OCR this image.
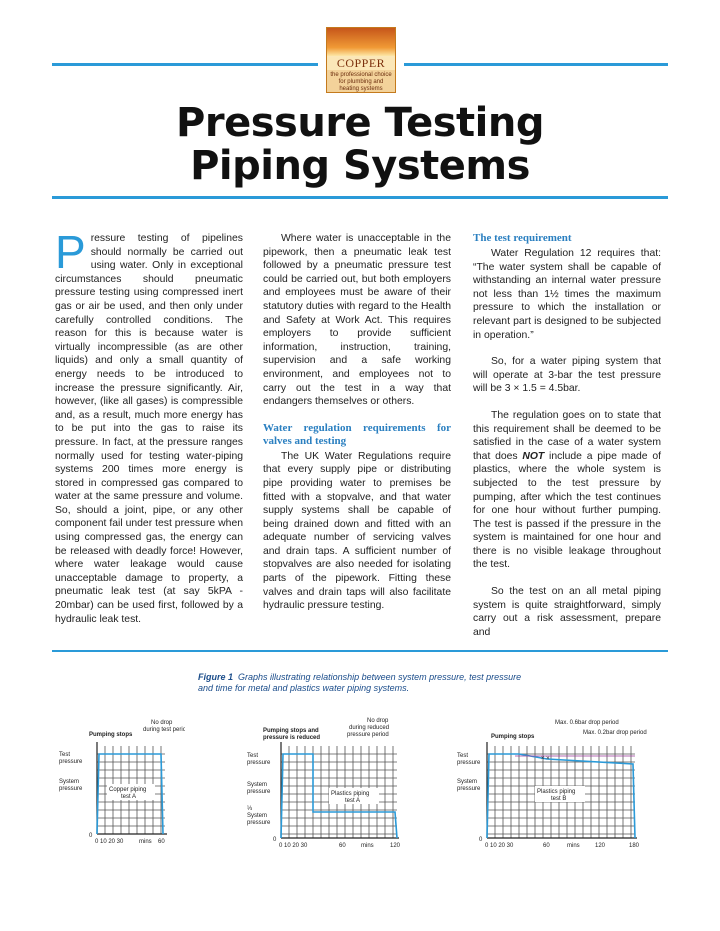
COPPER
the professional choice for plumbing and heating systems
Pressure Testing
Piping Systems

Pressure testing of pipelines should normally be carried out using water. Only in exceptional circumstances should pneumatic pressure testing using compressed inert gas or air be used, and then only under carefully controlled conditions. The reason for this is because water is virtually incompressible (as are other liquids) and only a small quantity of energy needs to be introduced to increase the pressure significantly. Air, however, (like all gases) is compressible and, as a result, much more energy has to be put into the gas to raise its pressure. In fact, at the pressure ranges normally used for testing water-piping systems 200 times more energy is stored in compressed gas compared to water at the same pressure and volume. So, should a joint, pipe, or any other component fail under test pressure when using compressed gas, the energy can be released with deadly force! However, where water leakage would cause unacceptable damage to property, a pneumatic leak test (at say 5kPA - 20mbar) can be used first, followed by a hydraulic leak test.

Where water is unacceptable in the pipework, then a pneumatic leak test followed by a pneumatic pressure test could be carried out, but both employers and employees must be aware of their statutory duties with regard to the Health and Safety at Work Act. This requires employers to provide sufficient information, instruction, training, supervision and a safe working environment, and employees not to carry out the test in a way that endangers themselves or others.

Water regulation requirements for valves and testing

The UK Water Regulations require that every supply pipe or distributing pipe providing water to premises be fitted with a stopvalve, and that water supply systems shall be capable of being drained down and fitted with an adequate number of servicing valves and drain taps. A sufficient number of stopvalves are also needed for isolating parts of the pipework. Fitting these valves and drain taps will also facilitate hydraulic pressure testing.

The test requirement

Water Regulation 12 requires that: “The water system shall be capable of withstanding an internal water pressure not less than 1½ times the maximum pressure to which the installation or relevant part is designed to be subjected in operation.”

So, for a water piping system that will operate at 3-bar the test pressure will be 3 × 1.5 = 4.5bar.

The regulation goes on to state that this requirement shall be deemed to be satisfied in the case of a water system that does NOT include a pipe made of plastics, where the whole system is subjected to the test pressure by pumping, after which the test continues for one hour without further pumping. The test is passed if the pressure in the system is maintained for one hour and there is no visible leakage throughout the test.

So the test on an all metal piping system is quite straightforward, simply carry out a risk assessment, prepare and

Figure 1 Graphs illustrating relationship between system pressure, test pressure and time for metal and plastics water piping systems.
Test
pressure
System
pressure
0
Pumping stops
No drop
during test period
Copper piping
test A
0 10 20 30	mins 60
Test
pressure
System
pressure
⅓
System
pressure
0
Pumping stops and
pressure is reduced
No drop
during reduced
pressure period
Plastics piping
test A
0 10 20 30	60	mins	120
× ×
Test
pressure
System
pressure
0
Pumping stops
Max. 0.6bar drop period
Max. 0.2bar drop period
Plastics piping
test B
0 10 20 30	60	mins	120	180
